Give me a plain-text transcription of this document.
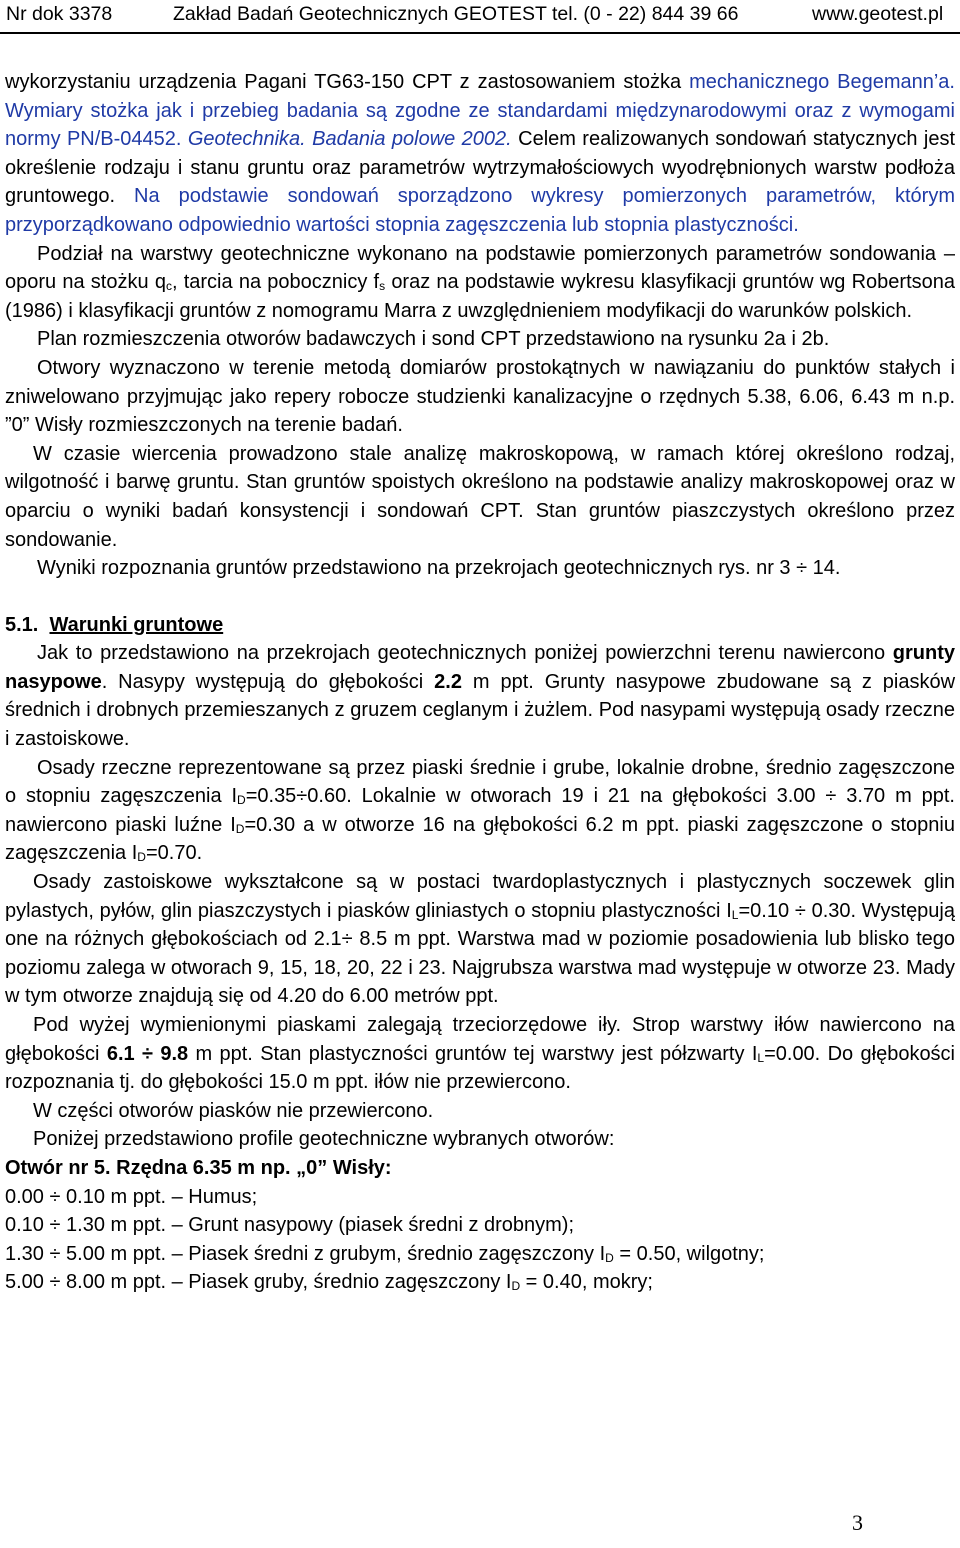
Nr dok 3378	Zakład Badań Geotechnicznych GEOTEST tel. (0 - 22) 844 39 66	www.geotest.pl

wykorzystaniu urządzenia Pagani TG63-150 CPT z zastosowaniem stożka mechanicznego Begemann’a. Wymiary stożka jak i przebieg badania są zgodne ze standardami międzynarodowymi oraz z wymogami normy PN/B-04452. Geotechnika. Badania polowe 2002. Celem realizowanych sondowań statycznych jest określenie rodzaju i stanu gruntu oraz parametrów wytrzymałościowych wyodrębnionych warstw podłoża gruntowego. Na podstawie sondowań sporządzono wykresy pomierzonych parametrów, którym przyporządkowano odpowiednio wartości stopnia zagęszczenia lub stopnia plastyczności.

Podział na warstwy geotechniczne wykonano na podstawie pomierzonych parametrów sondowania – oporu na stożku qc, tarcia na pobocznicy fs oraz na podstawie wykresu klasyfikacji gruntów wg Robertsona (1986) i klasyfikacji gruntów z nomogramu Marra z uwzględnieniem modyfikacji do warunków polskich.

Plan rozmieszczenia otworów badawczych i sond CPT przedstawiono na rysunku 2a i 2b.

Otwory wyznaczono w terenie metodą domiarów prostokątnych w nawiązaniu do punktów stałych i zniwelowano przyjmując jako repery robocze studzienki kanalizacyjne o rzędnych 5.38, 6.06, 6.43 m n.p. ”0” Wisły rozmieszczonych na terenie badań.

W czasie wiercenia prowadzono stale analizę makroskopową, w ramach której określono rodzaj, wilgotność i barwę gruntu. Stan gruntów spoistych określono na podstawie analizy makroskopowej oraz w oparciu o wyniki badań konsystencji i sondowań CPT. Stan gruntów piaszczystych określono przez sondowanie.

Wyniki rozpoznania gruntów przedstawiono na przekrojach geotechnicznych rys. nr 3 ÷ 14.

5.1. Warunki gruntowe

Jak to przedstawiono na przekrojach geotechnicznych poniżej powierzchni terenu nawiercono grunty nasypowe. Nasypy występują do głębokości 2.2 m ppt. Grunty nasypowe zbudowane są z piasków średnich i drobnych przemieszanych z gruzem ceglanym i żużlem. Pod nasypami występują osady rzeczne i zastoiskowe.

Osady rzeczne reprezentowane są przez piaski średnie i grube, lokalnie drobne, średnio zagęszczone o stopniu zagęszczenia ID=0.35÷0.60. Lokalnie w otworach 19 i 21 na głębokości 3.00 ÷ 3.70 m ppt. nawiercono piaski luźne ID=0.30 a w otworze 16 na głębokości 6.2 m ppt. piaski zagęszczone o stopniu zagęszczenia ID=0.70.

Osady zastoiskowe wykształcone są w postaci twardoplastycznych i plastycznych soczewek glin pylastych, pyłów, glin piaszczystych i piasków gliniastych o stopniu plastyczności IL=0.10 ÷ 0.30. Występują one na różnych głębokościach od 2.1÷ 8.5 m ppt. Warstwa mad w poziomie posadowienia lub blisko tego poziomu zalega w otworach 9, 15, 18, 20, 22 i 23. Najgrubsza warstwa mad występuje w otworze 23. Mady w tym otworze znajdują się od 4.20 do 6.00 metrów ppt.

Pod wyżej wymienionymi piaskami zalegają trzeciorzędowe iły. Strop warstwy iłów nawiercono na głębokości 6.1 ÷ 9.8 m ppt. Stan plastyczności gruntów tej warstwy jest półzwarty IL=0.00. Do głębokości rozpoznania tj. do głębokości 15.0 m ppt. iłów nie przewiercono.

W części otworów piasków nie przewiercono.

Poniżej przedstawiono profile geotechniczne wybranych otworów:

Otwór nr 5. Rzędna 6.35 m np. „0” Wisły:

0.00 ÷ 0.10 m ppt. – Humus;

0.10 ÷ 1.30 m ppt. – Grunt nasypowy (piasek średni z drobnym);

1.30 ÷ 5.00 m ppt. – Piasek średni z grubym, średnio zagęszczony ID = 0.50, wilgotny;

5.00 ÷ 8.00 m ppt. – Piasek gruby, średnio zagęszczony ID = 0.40, mokry;

3
